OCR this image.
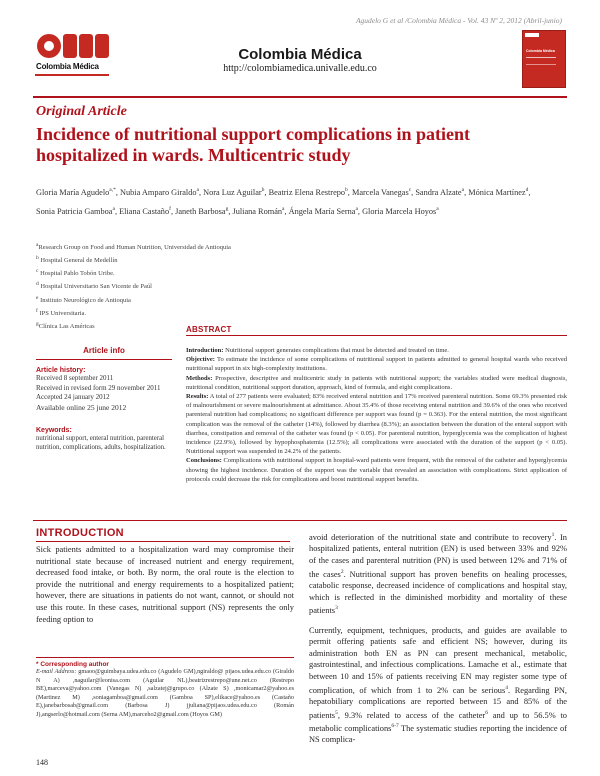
Agudelo G et al /Colombia Médica - Vol. 43 Nº 2, 2012 (Abril-junio)
Colombia Médica
Colombia Médica
http://colombiamedica.univalle.edu.co
Colombia Médica
Original Article
Incidence of nutritional support complications in patient hospitalized in wards. Multicentric study
Gloria María Agudelo$^{a,*}$, Nubia Amparo Giraldo$^a$, Nora Luz Aguilar$^b$, Beatriz Elena Restrepo$^b$, Marcela Vanegas$^c$, Sandra Alzate$^a$, Mónica Martínez$^d$, Sonia Patricia Gamboa$^a$, Eliana Castaño$^f$, Janeth Barbosa$^g$, Juliana Román$^a$, Ángela María Serna$^a$, Gloria Marcela Hoyos$^a$
$^a$Research Group on Food and Human Nutrition, Universidad de Antioquia
$^b$ Hospital General de Medellín
$^c$ Hospital Pablo Tobón Uribe.
$^d$ Hospital Universitario San Vicente de Paúl
$^e$ Instituto Neurológico de Antioquia
$^f$ IPS Universitaria.
$^g$Clínica Las Américas	ABSTRACT
Article info
Article history:
Received 8 september 2011
Received in revised form 29 november 2011
Accepted 24 january 2012
Available online 25 june 2012
Keywords:
nutritional support, enteral nutrition, parenteral nutrition, complications, adults, hospitalization.

Introduction: Nutritional support generates complications that must be detected and treated on time.

Objective: To estimate the incidence of some complications of nutritional support in patients admitted to general hospital wards who received nutritional support in six high-complexity institutions.

Methods: Prospective, descriptive and multicentric study in patients with nutritional support; the variables studied were medical diagnosis, nutritional condition, nutritional support duration, approach, kind of formula, and eight complications.

Results: A total of 277 patients were evaluated; 83% received enteral nutrition and 17% received parenteral nutrition. Some 69.3% presented risk of malnourishment or severe malnourishment at admittance. About 35.4% of those receiving enteral nutrition and 39.6% of the ones who received parenteral nutrition had complications; no significant difference per support was found (p = 0.363). For the enteral nutrition, the most significant complication was the removal of the catheter (14%), followed by diarrhea (8.3%); an association between the duration of the enteral support with diarrhea, constipation and removal of the catheter was found (p < 0.05). For parenteral nutrition, hyperglycemia was the complication of highest incidence (22.9%), followed by hypophosphatemia (12.5%); all complications were associated with the duration of the support (p < 0.05). Nutritional support was suspended in 24.2% of the patients.

Conclusions: Complications with nutritional support in hospital-ward patients were frequent, with the removal of the catheter and hyperglycemia showing the highest incidence. Duration of the support was the variable that revealed an association with complications. Strict application of protocols could decrease the risk for complications and boost nutritional support benefits.

INTRODUCTION

Sick patients admitted to a hospitalization ward may compromise their nutritional state because of increased nutrient and energy requirement, decreased food intake, or both. By norm, the oral route is the election to provide the nutritional and energy requirements to a hospitalized patient; however, there are situations in patients do not want, cannot, or should not use this route. In these cases, nutritional support (NS) represents the only feeding option to

avoid deterioration of the nutritional state and contribute to recovery$^1$. In hospitalized patients, enteral nutrition (EN) is used between 33% and 92% of the cases and parenteral nutrition (PN) is used between 12% and 71% of the cases$^2$. Nutritional support has proven benefits on healing processes, catabolic response, decreased incidence of complications and hospital stay, which is reflected in the diminished morbidity and mortality of these patients$^3$

Currently, equipment, techniques, products, and guides are available to permit offering patients safe and efficient NS; however, during its administration both EN as PN can present mechanical, metabolic, gastrointestinal, and infectious complications. Lamache et al., estimate that between 10 and 15% of patients receiving EN may register some type of complication, of which from 1 to 2% can be serious$^4$. Regarding PN, hepatobiliary complications are reported between 15 and 85% of the patients$^5$, 9.3% related to access of the catheter$^6$ and up to 56.5% to metabolic complications$^{6-7}$ The systematic studies reporting the incidence of NS complica-

* Corresponding author
E-mail Address: gmaoo@guimbaya.udea.edu.co (Agudelo GM),ngiraldo@ pijaos.udea.edu.co (Giraldo N A) ,naguilar@leonisa.com (Aguilar NL),beatrizrestrepo@une.net.co (Restrepo BE),marceva@yahoo.com (Vanegas N) ,salzatej@grupo.co (Alzate S) ,monicamar2@yahoo.es (Martinez M) ,soniagamboa@gmail.com (Gamboa SP),elikace@yahoo.es (Castaño E),janebarbosab@gmail.com (Barbosa J) jjuliana@pijaos.udea.edu.co (Román J),angserlo@hotmail.com (Serna AM),marceho2@gmail.com (Hoyos GM)
148
